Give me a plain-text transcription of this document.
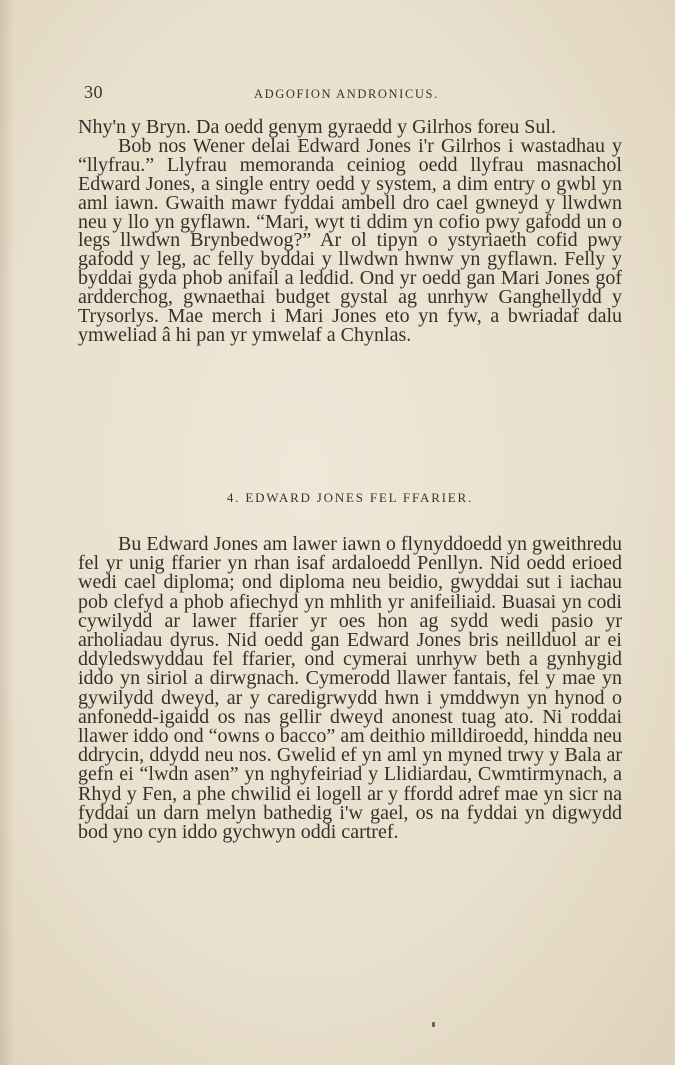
30	ADGOFION ANDRONICUS.

Nhy'n y Bryn. Da oedd genym gyraedd y Gilrhos foreu Sul.

Bob nos Wener delai Edward Jones i'r Gilrhos i wastadhau y “llyfrau.” Llyfrau memoranda ceiniog oedd llyfrau masnachol Edward Jones, a single entry oedd y system, a dim entry o gwbl yn aml iawn. Gwaith mawr fyddai ambell dro cael gwneyd y llwdwn neu y llo yn gyflawn. “Mari, wyt ti ddim yn cofio pwy gafodd un o legs llwdwn Brynbedwog?” Ar ol tipyn o ystyriaeth cofid pwy gafodd y leg, ac felly byddai y llwdwn hwnw yn gyflawn. Felly y byddai gyda phob anifail a leddid. Ond yr oedd gan Mari Jones gof ardderchog, gwnaethai budget gystal ag unrhyw Ganghellydd y Trysorlys. Mae merch i Mari Jones eto yn fyw, a bwriadaf dalu ymweliad â hi pan yr ymwelaf a Chynlas.

4. EDWARD JONES FEL FFARIER.

Bu Edward Jones am lawer iawn o flynyddoedd yn gweithredu fel yr unig ffarier yn rhan isaf ardaloedd Penllyn. Nid oedd erioed wedi cael diploma; ond diploma neu beidio, gwyddai sut i iachau pob clefyd a phob afiechyd yn mhlith yr anifeiliaid. Buasai yn codi cywilydd ar lawer ffarier yr oes hon ag sydd wedi pasio yr arholiadau dyrus. Nid oedd gan Edward Jones bris neillduol ar ei ddyledswyddau fel ffarier, ond cymerai unrhyw beth a gynhygid iddo yn siriol a dirwgnach. Cymerodd llawer fantais, fel y mae yn gywilydd dweyd, ar y caredigrwydd hwn i ymddwyn yn hynod o anfonedd-igaidd os nas gellir dweyd anonest tuag ato. Ni roddai llawer iddo ond “owns o bacco” am deithio milldiroedd, hindda neu ddrycin, ddydd neu nos. Gwelid ef yn aml yn myned trwy y Bala ar gefn ei “lwdn asen” yn nghyfeiriad y Llidiardau, Cwmtirmynach, a Rhyd y Fen, a phe chwilid ei logell ar y ffordd adref mae yn sicr na fyddai un darn melyn bathedig i'w gael, os na fyddai yn digwydd bod yno cyn iddo gychwyn oddi cartref.
